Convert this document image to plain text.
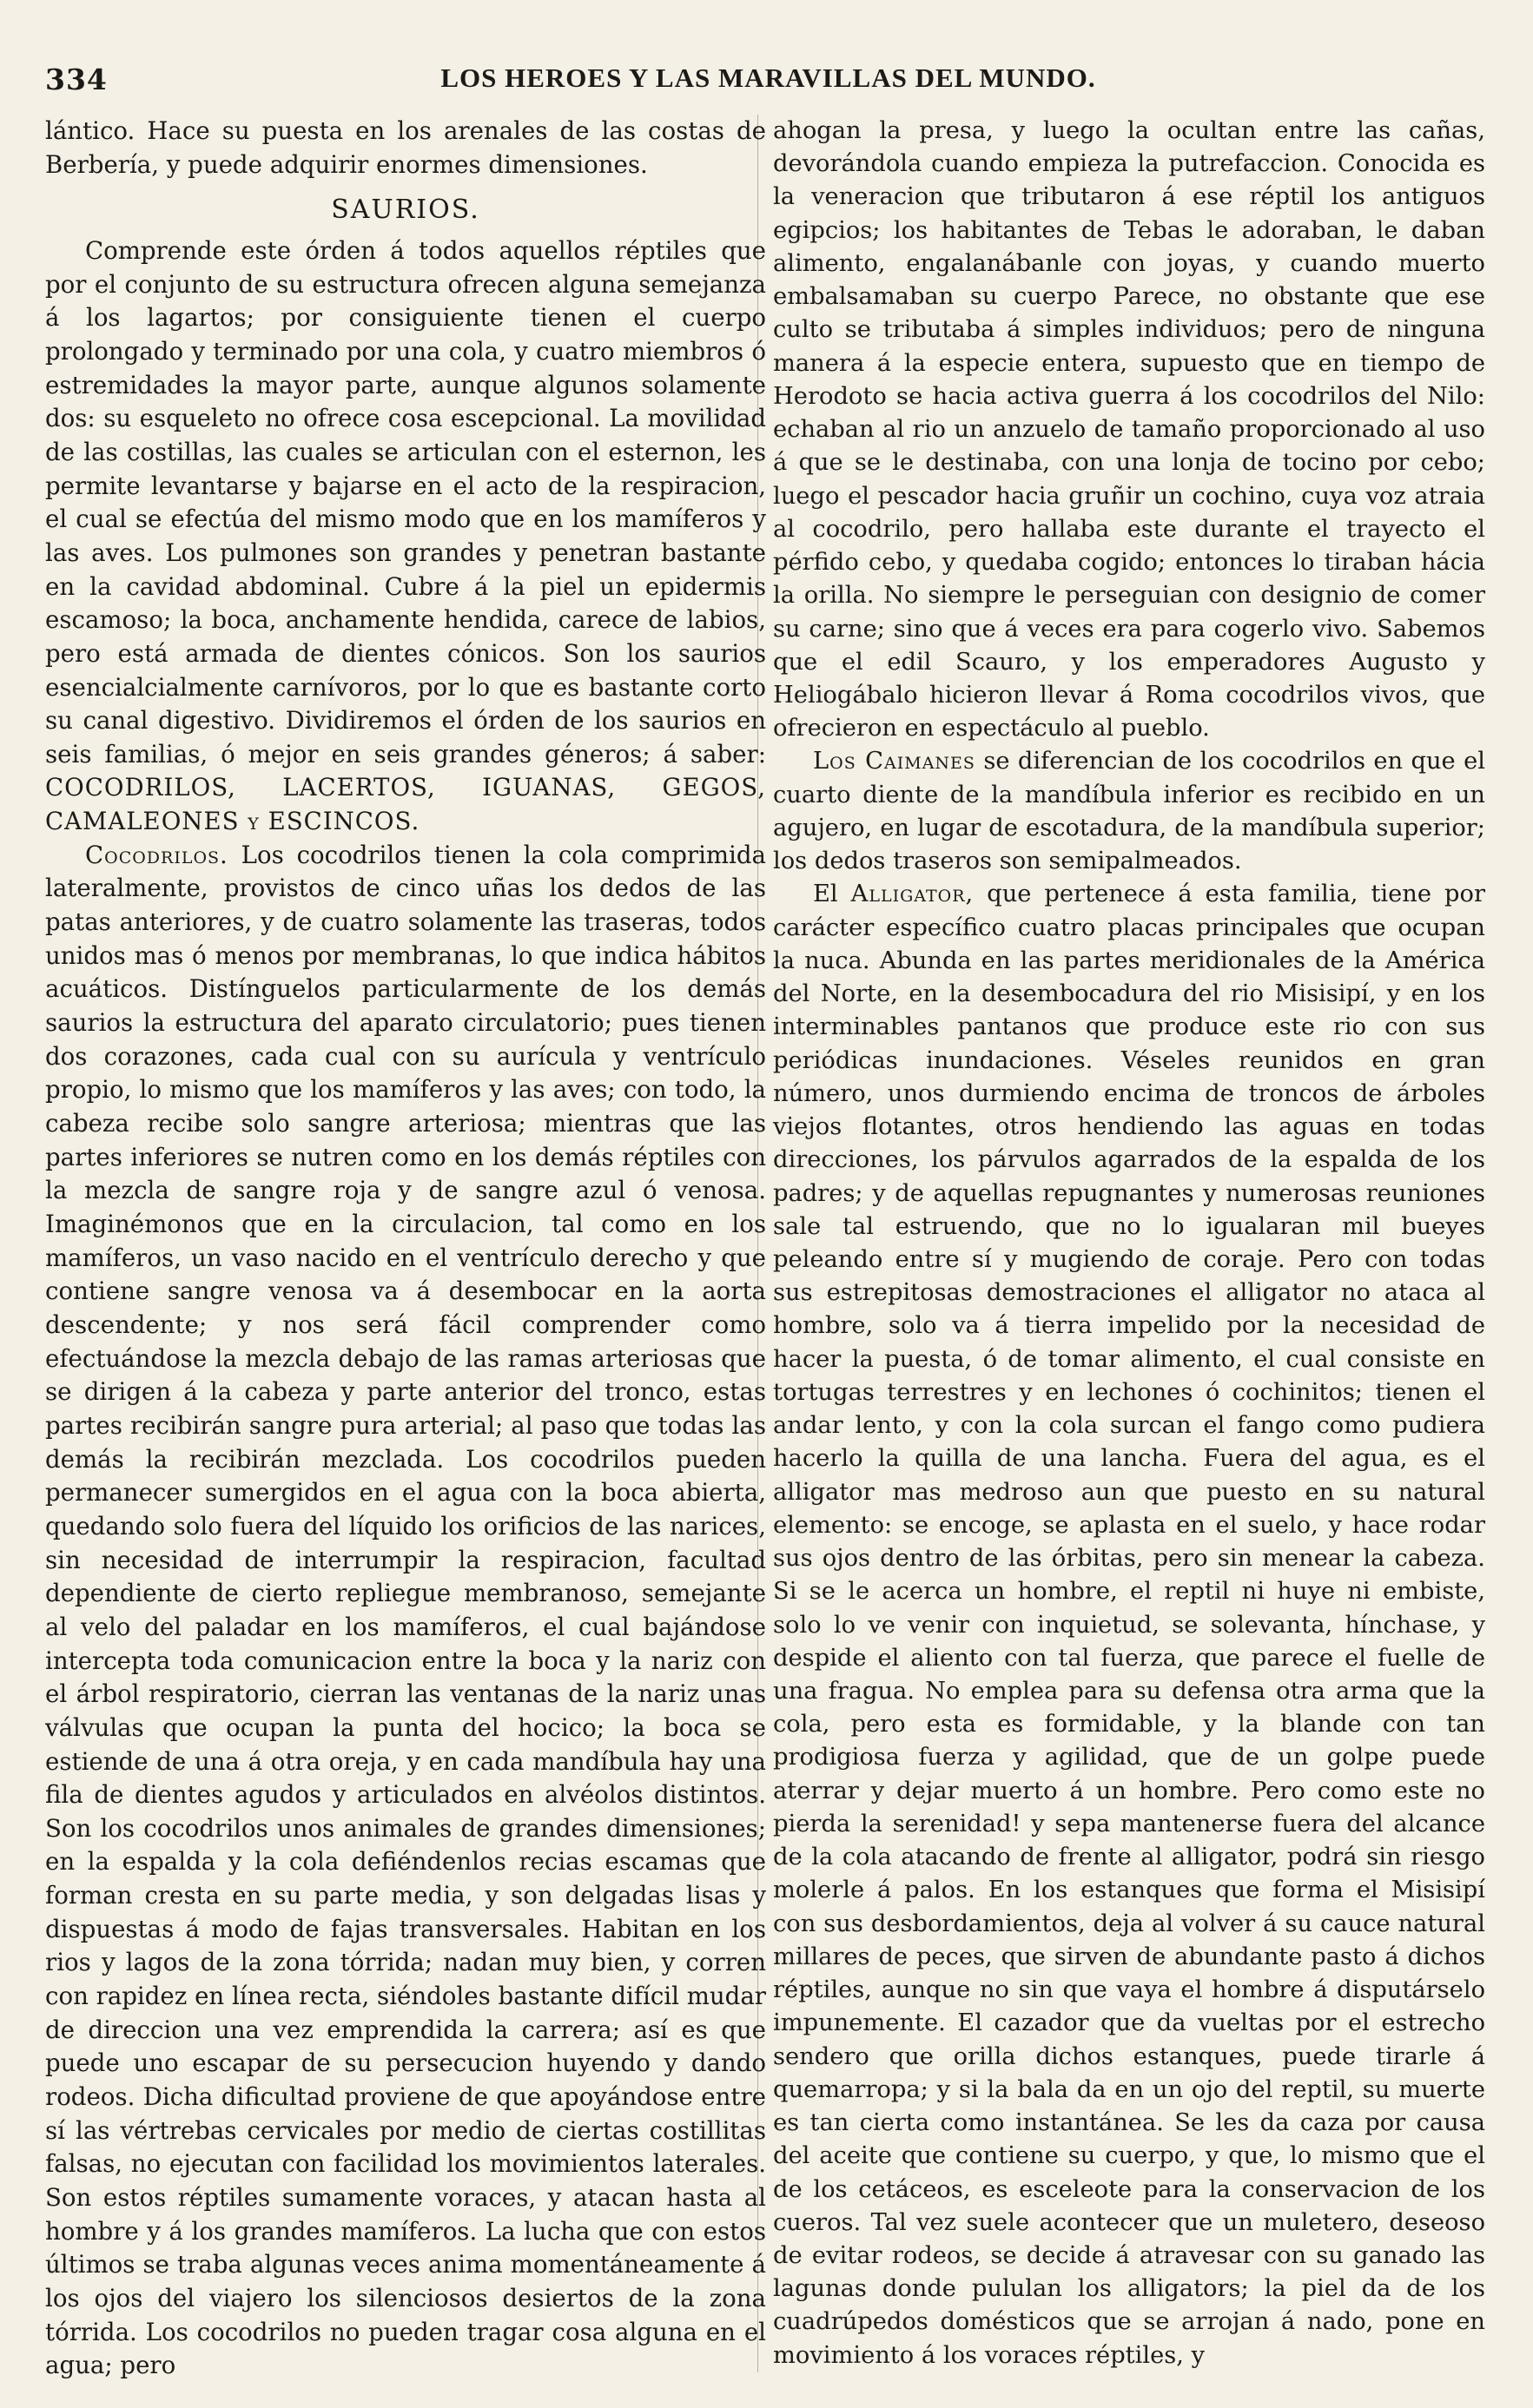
334	LOS HEROES Y LAS MARAVILLAS DEL MUNDO.

lántico. Hace su puesta en los arenales de las costas de Berbería, y puede adquirir enormes dimensiones.

SAURIOS.

Comprende este órden á todos aquellos réptiles que por el conjunto de su estructura ofrecen alguna semejanza á los lagartos; por consiguiente tienen el cuerpo prolongado y terminado por una cola, y cuatro miembros ó estremidades la mayor parte, aunque algunos solamente dos: su esqueleto no ofrece cosa escepcional. La movilidad de las costillas, las cuales se articulan con el esternon, les permite levantarse y bajarse en el acto de la respiracion, el cual se efectúa del mismo modo que en los mamíferos y las aves. Los pulmones son grandes y penetran bastante en la cavidad abdominal. Cubre á la piel un epidermis escamoso; la boca, anchamente hendida, carece de labios, pero está armada de dientes cónicos. Son los saurios esencialcialmente carnívoros, por lo que es bastante corto su canal digestivo. Dividiremos el órden de los saurios en seis familias, ó mejor en seis grandes géneros; á saber: COCODRILOS, LACERTOS, IGUANAS, GEGOS, CAMALEONES y ESCINCOS.

Cocodrilos. Los cocodrilos tienen la cola comprimida lateralmente, provistos de cinco uñas los dedos de las patas anteriores, y de cuatro solamente las traseras, todos unidos mas ó menos por membranas, lo que indica hábitos acuáticos. Distínguelos particularmente de los demás saurios la estructura del aparato circulatorio; pues tienen dos corazones, cada cual con su aurícula y ventrículo propio, lo mismo que los mamíferos y las aves; con todo, la cabeza recibe solo sangre arteriosa; mientras que las partes inferiores se nutren como en los demás réptiles con la mezcla de sangre roja y de sangre azul ó venosa. Imaginémonos que en la circulacion, tal como en los mamíferos, un vaso nacido en el ventrículo derecho y que contiene sangre venosa va á desembocar en la aorta descendente; y nos será fácil comprender como efectuándose la mezcla debajo de las ramas arteriosas que se dirigen á la cabeza y parte anterior del tronco, estas partes recibirán sangre pura arterial; al paso que todas las demás la recibirán mezclada. Los cocodrilos pueden permanecer sumergidos en el agua con la boca abierta, quedando solo fuera del líquido los orificios de las narices, sin necesidad de interrumpir la respiracion, facultad dependiente de cierto repliegue membranoso, semejante al velo del paladar en los mamíferos, el cual bajándose intercepta toda comunicacion entre la boca y la nariz con el árbol respiratorio, cierran las ventanas de la nariz unas válvulas que ocupan la punta del hocico; la boca se estiende de una á otra oreja, y en cada mandíbula hay una fila de dientes agudos y articulados en alvéolos distintos. Son los cocodrilos unos animales de grandes dimensiones; en la espalda y la cola defiéndenlos recias escamas que forman cresta en su parte media, y son delgadas lisas y dispuestas á modo de fajas transversales. Habitan en los rios y lagos de la zona tórrida; nadan muy bien, y corren con rapidez en línea recta, siéndoles bastante difícil mudar de direccion una vez emprendida la carrera; así es que puede uno escapar de su persecucion huyendo y dando rodeos. Dicha dificultad proviene de que apoyándose entre sí las vértrebas cervicales por medio de ciertas costillitas falsas, no ejecutan con facilidad los movimientos laterales. Son estos réptiles sumamente voraces, y atacan hasta al hombre y á los grandes mamíferos. La lucha que con estos últimos se traba algunas veces anima momentáneamente á los ojos del viajero los silenciosos desiertos de la zona tórrida. Los cocodrilos no pueden tragar cosa alguna en el agua; pero

ahogan la presa, y luego la ocultan entre las cañas, devorándola cuando empieza la putrefaccion. Conocida es la veneracion que tributaron á ese réptil los antiguos egipcios; los habitantes de Tebas le adoraban, le daban alimento, engalanábanle con joyas, y cuando muerto embalsamaban su cuerpo Parece, no obstante que ese culto se tributaba á simples individuos; pero de ninguna manera á la especie entera, supuesto que en tiempo de Herodoto se hacia activa guerra á los cocodrilos del Nilo: echaban al rio un anzuelo de tamaño proporcionado al uso á que se le destinaba, con una lonja de tocino por cebo; luego el pescador hacia gruñir un cochino, cuya voz atraia al cocodrilo, pero hallaba este durante el trayecto el pérfido cebo, y quedaba cogido; entonces lo tiraban hácia la orilla. No siempre le perseguian con designio de comer su carne; sino que á veces era para cogerlo vivo. Sabemos que el edil Scauro, y los emperadores Augusto y Heliogábalo hicieron llevar á Roma cocodrilos vivos, que ofrecieron en espectáculo al pueblo.

Los Caimanes se diferencian de los cocodrilos en que el cuarto diente de la mandíbula inferior es recibido en un agujero, en lugar de escotadura, de la mandíbula superior; los dedos traseros son semipalmeados.

El Alligator, que pertenece á esta familia, tiene por carácter específico cuatro placas principales que ocupan la nuca. Abunda en las partes meridionales de la América del Norte, en la desembocadura del rio Misisipí, y en los interminables pantanos que produce este rio con sus periódicas inundaciones. Véseles reunidos en gran número, unos durmiendo encima de troncos de árboles viejos flotantes, otros hendiendo las aguas en todas direcciones, los párvulos agarrados de la espalda de los padres; y de aquellas repugnantes y numerosas reuniones sale tal estruendo, que no lo igualaran mil bueyes peleando entre sí y mugiendo de coraje. Pero con todas sus estrepitosas demostraciones el alligator no ataca al hombre, solo va á tierra impelido por la necesidad de hacer la puesta, ó de tomar alimento, el cual consiste en tortugas terrestres y en lechones ó cochinitos; tienen el andar lento, y con la cola surcan el fango como pudiera hacerlo la quilla de una lancha. Fuera del agua, es el alligator mas medroso aun que puesto en su natural elemento: se encoge, se aplasta en el suelo, y hace rodar sus ojos dentro de las órbitas, pero sin menear la cabeza. Si se le acerca un hombre, el reptil ni huye ni embiste, solo lo ve venir con inquietud, se solevanta, hínchase, y despide el aliento con tal fuerza, que parece el fuelle de una fragua. No emplea para su defensa otra arma que la cola, pero esta es formidable, y la blande con tan prodigiosa fuerza y agilidad, que de un golpe puede aterrar y dejar muerto á un hombre. Pero como este no pierda la serenidad! y sepa mantenerse fuera del alcance de la cola atacando de frente al alligator, podrá sin riesgo molerle á palos. En los estanques que forma el Misisipí con sus desbordamientos, deja al volver á su cauce natural millares de peces, que sirven de abundante pasto á dichos réptiles, aunque no sin que vaya el hombre á disputárselo impunemente. El cazador que da vueltas por el estrecho sendero que orilla dichos estanques, puede tirarle á quemarropa; y si la bala da en un ojo del reptil, su muerte es tan cierta como instantánea. Se les da caza por causa del aceite que contiene su cuerpo, y que, lo mismo que el de los cetáceos, es esceleote para la conservacion de los cueros. Tal vez suele acontecer que un muletero, deseoso de evitar rodeos, se decide á atravesar con su ganado las lagunas donde pululan los alligators; la piel da de los cuadrúpedos domésticos que se arrojan á nado, pone en movimiento á los voraces réptiles, y
